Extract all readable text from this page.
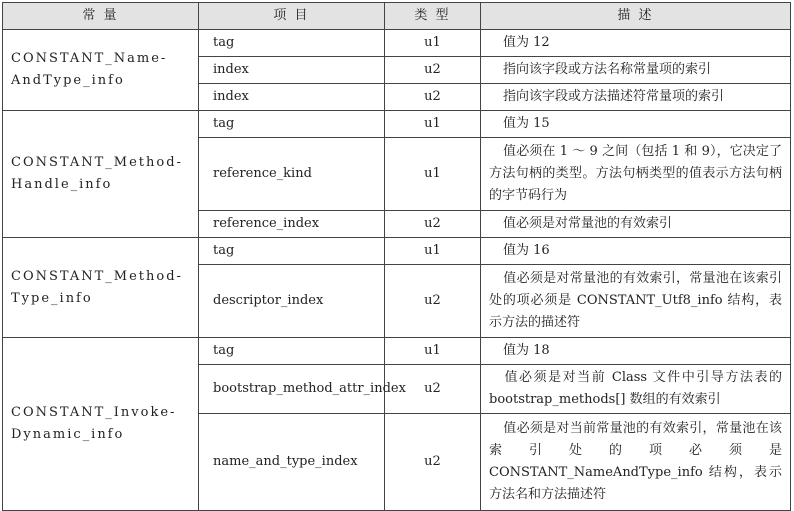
常 量	项 目	类 型	描 述
CONSTANT_Name-AndType_info	tag	u1	值为 12
	index	u2	指向该字段或方法名称常量项的索引
	index	u2	指向该字段或方法描述符常量项的索引
CONSTANT_Method-Handle_info	tag	u1	值为 15
	reference_kind	u1	值必须在 1 ～ 9 之间（包括 1 和 9），它决定了方法句柄的类型。方法句柄类型的值表示方法句柄的字节码行为
	reference_index	u2	值必须是对常量池的有效索引
CONSTANT_Method-Type_info	tag	u1	值为 16
	descriptor_index	u2	值必须是对常量池的有效索引，常量池在该索引处的项必须是 CONSTANT_Utf8_info 结构，表示方法的描述符
CONSTANT_Invoke-Dynamic_info	tag	u1	值为 18
	bootstrap_method_attr_index	u2	值必须是对当前 Class 文件中引导方法表的 bootstrap_methods[] 数组的有效索引
	name_and_type_index	u2	值必须是对当前常量池的有效索引，常量池在该索引处的项必须是 CONSTANT_NameAndType_info 结构，表示方法名和方法描述符
